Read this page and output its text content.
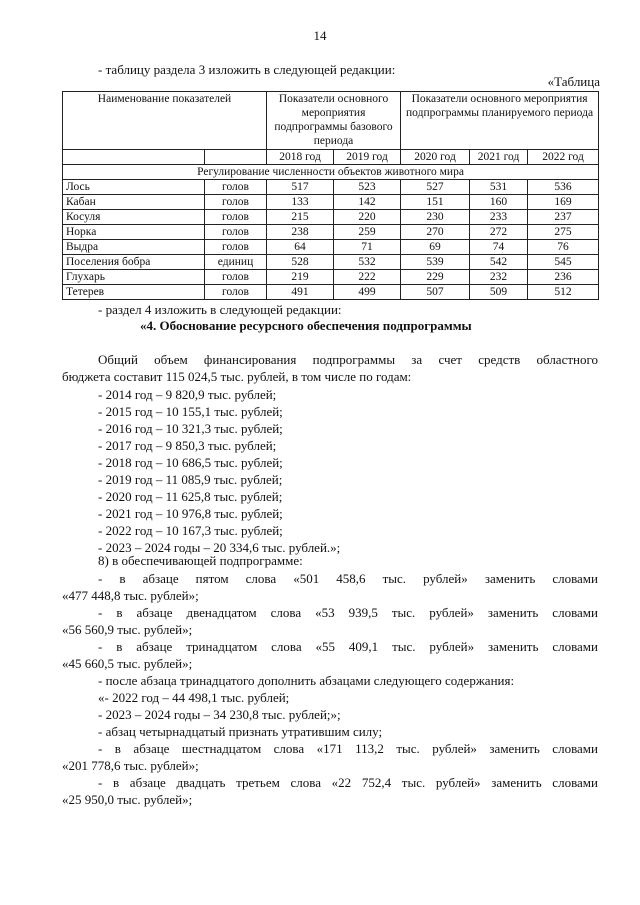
14
- таблицу раздела 3 изложить в следующей редакции:
«Таблица
Наименование показателей		Показатели основного мероприятия подпрограммы базового периода		Показатели основного мероприятия подпрограммы планируемого периода		
		2018 год	2019 год	2020 год	2021 год	2022 год
Регулирование численности объектов животного мира						
Лось	голов	517	523	527	531	536
Кабан	голов	133	142	151	160	169
Косуля	голов	215	220	230	233	237
Норка	голов	238	259	270	272	275
Выдра	голов	64	71	69	74	76
Поселения бобра	единиц	528	532	539	542	545
Глухарь	голов	219	222	229	232	236
Тетерев	голов	491	499	507	509	512
- раздел 4 изложить в следующей редакции:
«4. Обоснование ресурсного обеспечения подпрограммы
Общий объем финансирования подпрограммы за счет средств областного
бюджета составит 115 024,5 тыс. рублей, в том числе по годам:
- 2014 год – 9 820,9 тыс. рублей;
- 2015 год – 10 155,1 тыс. рублей;
- 2016 год – 10 321,3 тыс. рублей;
- 2017 год – 9 850,3 тыс. рублей;
- 2018 год – 10 686,5 тыс. рублей;
- 2019 год – 11 085,9 тыс. рублей;
- 2020 год – 11 625,8 тыс. рублей;
- 2021 год – 10 976,8 тыс. рублей;
- 2022 год – 10 167,3 тыс. рублей;
- 2023 – 2024 годы – 20 334,6 тыс. рублей.»;
8) в обеспечивающей подпрограмме:
- в абзаце пятом слова «501 458,6 тыс. рублей» заменить словами
«477 448,8 тыс. рублей»;
- в абзаце двенадцатом слова «53 939,5 тыс. рублей» заменить словами
«56 560,9 тыс. рублей»;
- в абзаце тринадцатом слова «55 409,1 тыс. рублей» заменить словами
«45 660,5 тыс. рублей»;
- после абзаца тринадцатого дополнить абзацами следующего содержания:
«- 2022 год – 44 498,1 тыс. рублей;
- 2023 – 2024 годы – 34 230,8 тыс. рублей;»;
- абзац четырнадцатый признать утратившим силу;
- в абзаце шестнадцатом слова «171 113,2 тыс. рублей» заменить словами
«201 778,6 тыс. рублей»;
- в абзаце двадцать третьем слова «22 752,4 тыс. рублей» заменить словами
«25 950,0 тыс. рублей»;
